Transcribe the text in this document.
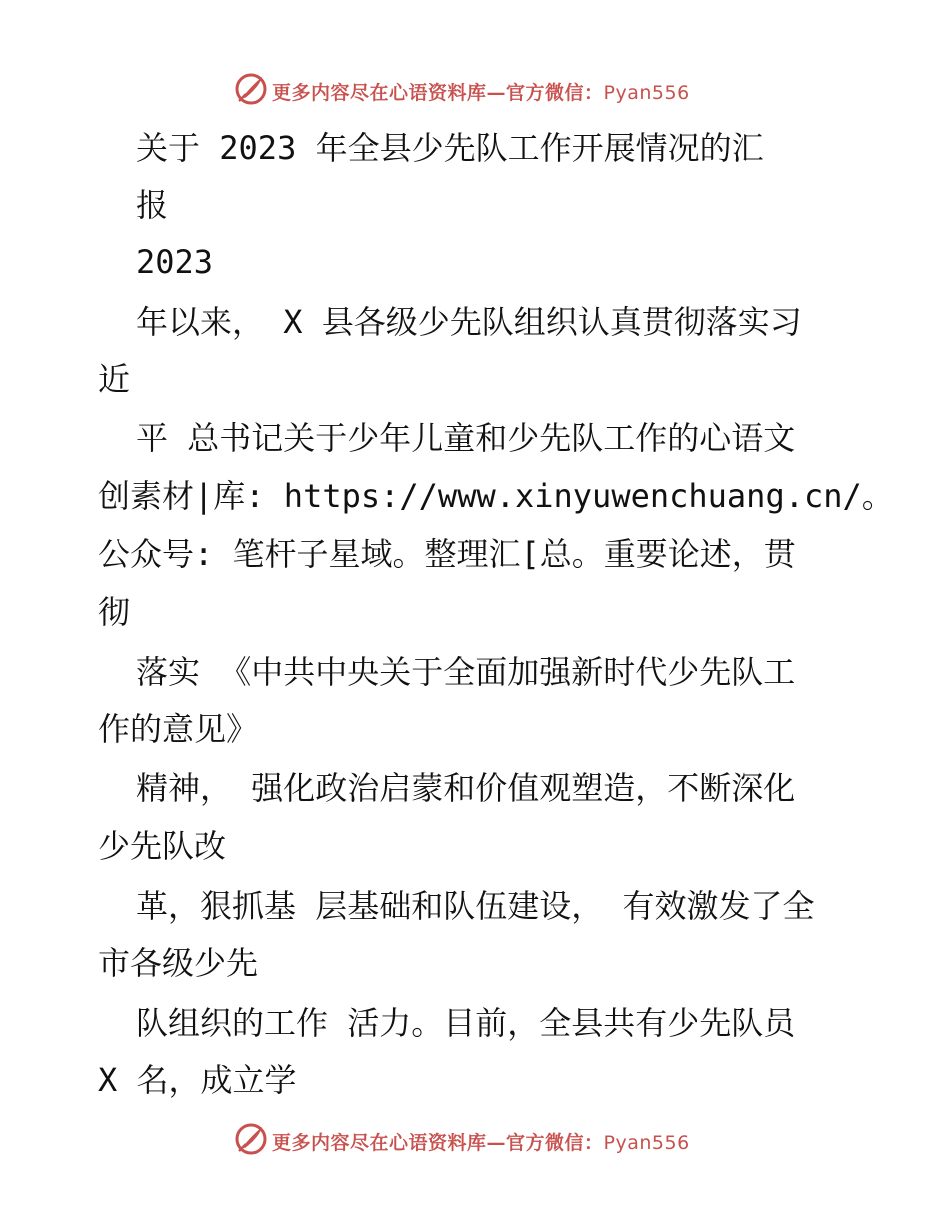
更多内容尽在心语资料库—官方微信：Pyan556
关于 2023 年全县少先队工作开展情况的汇
报
2023
年以来， X 县各级少先队组织认真贯彻落实习
近
平 总书记关于少年儿童和少先队工作的心语文
创素材|库: https://www.xinyuwenchuang.cn/。
公众号: 笔杆子星域。整理汇[总。重要论述，贯
彻
落实 《中共中央关于全面加强新时代少先队工
作的意见》
精神， 强化政治启蒙和价值观塑造，不断深化
少先队改
革，狠抓基 层基础和队伍建设， 有效激发了全
市各级少先
队组织的工作 活力。目前，全县共有少先队员
X 名，成立学
更多内容尽在心语资料库—官方微信：Pyan556
